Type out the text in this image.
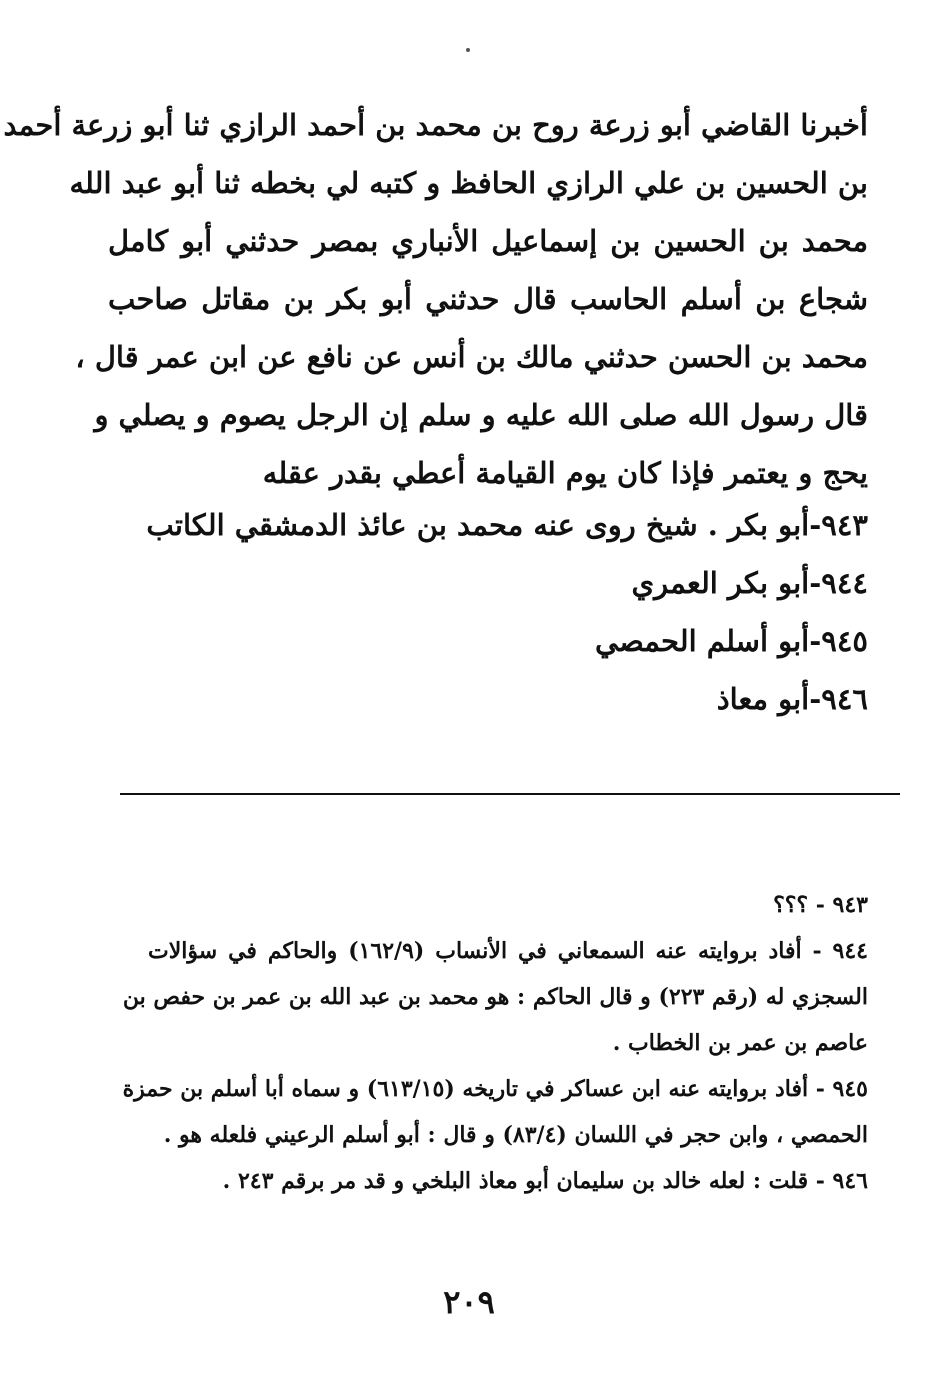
أخبرنا القاضي أبو زرعة روح بن محمد بن أحمد الرازي ثنا أبو زرعة أحمد
بن الحسين بن علي الرازي الحافظ و كتبه لي بخطه ثنا أبو عبد الله
محمد بن الحسين بن إسماعيل الأنباري بمصر حدثني أبو كامل
شجاع بن أسلم الحاسب قال حدثني أبو بكر بن مقاتل صاحب
محمد بن الحسن حدثني مالك بن أنس عن نافع عن ابن عمر قال ،
قال رسول الله صلى الله عليه و سلم إن الرجل يصوم و يصلي و
يحج و يعتمر فإذا كان يوم القيامة أعطي بقدر عقله
٩٤٣-أبو بكر . شيخ روى عنه محمد بن عائذ الدمشقي الكاتب
٩٤٤-أبو بكر العمري
٩٤٥-أبو أسلم الحمصي
٩٤٦-أبو معاذ
٩٤٣ - ؟؟؟
٩٤٤ - أفاد بروايته عنه السمعاني في الأنساب (١٦٢/٩) والحاكم في سؤالات
السجزي له (رقم ٢٢٣) و قال الحاكم : هو محمد بن عبد الله بن عمر بن حفص بن
عاصم بن عمر بن الخطاب .
٩٤٥ - أفاد بروايته عنه ابن عساكر في تاريخه (٦١٣/١٥) و سماه أبا أسلم بن حمزة
الحمصي ، وابن حجر في اللسان (٨٣/٤) و قال : أبو أسلم الرعيني فلعله هو .
٩٤٦ - قلت : لعله خالد بن سليمان أبو معاذ البلخي و قد مر برقم ٢٤٣ .
٢٠٩
